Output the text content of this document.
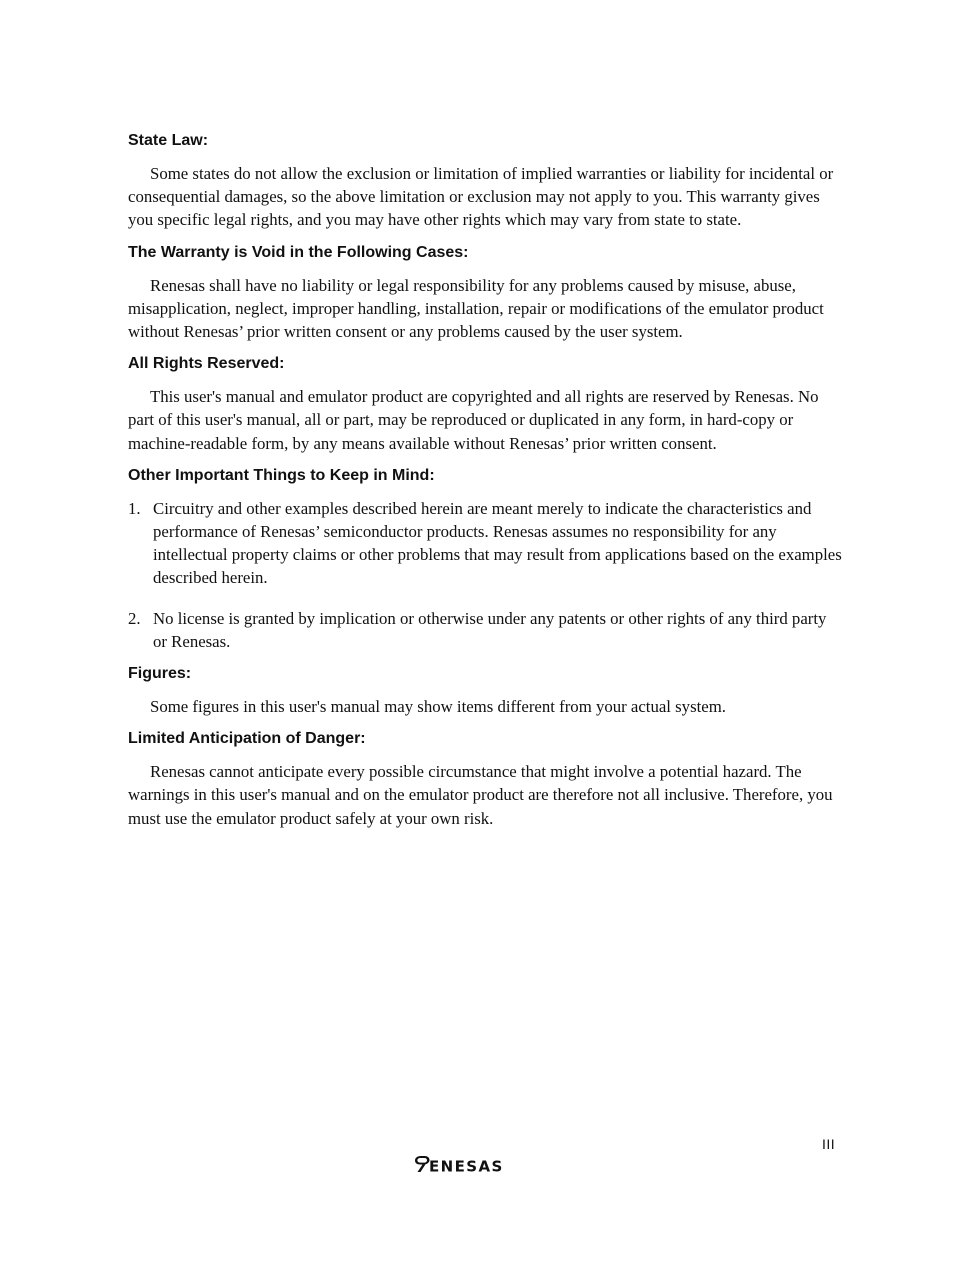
State Law:

Some states do not allow the exclusion or limitation of implied warranties or liability for incidental or consequential damages, so the above limitation or exclusion may not apply to you. This warranty gives you specific legal rights, and you may have other rights which may vary from state to state.

The Warranty is Void in the Following Cases:

Renesas shall have no liability or legal responsibility for any problems caused by misuse, abuse, misapplication, neglect, improper handling, installation, repair or modifications of the emulator product without Renesas’ prior written consent or any problems caused by the user system.

All Rights Reserved:

This user's manual and emulator product are copyrighted and all rights are reserved by Renesas. No part of this user's manual, all or part, may be reproduced or duplicated in any form, in hard-copy or machine-readable form, by any means available without Renesas’ prior written consent.

Other Important Things to Keep in Mind:
1. Circuitry and other examples described herein are meant merely to indicate the characteristics and performance of Renesas’ semiconductor products. Renesas assumes no responsibility for any intellectual property claims or other problems that may result from applications based on the examples described herein.
2. No license is granted by implication or otherwise under any patents or other rights of any third party or Renesas.
Figures:

Some figures in this user's manual may show items different from your actual system.

Limited Anticipation of Danger:

Renesas cannot anticipate every possible circumstance that might involve a potential hazard. The warnings in this user's manual and on the emulator product are therefore not all inclusive. Therefore, you must use the emulator product safely at your own risk.

III
ENESAS
